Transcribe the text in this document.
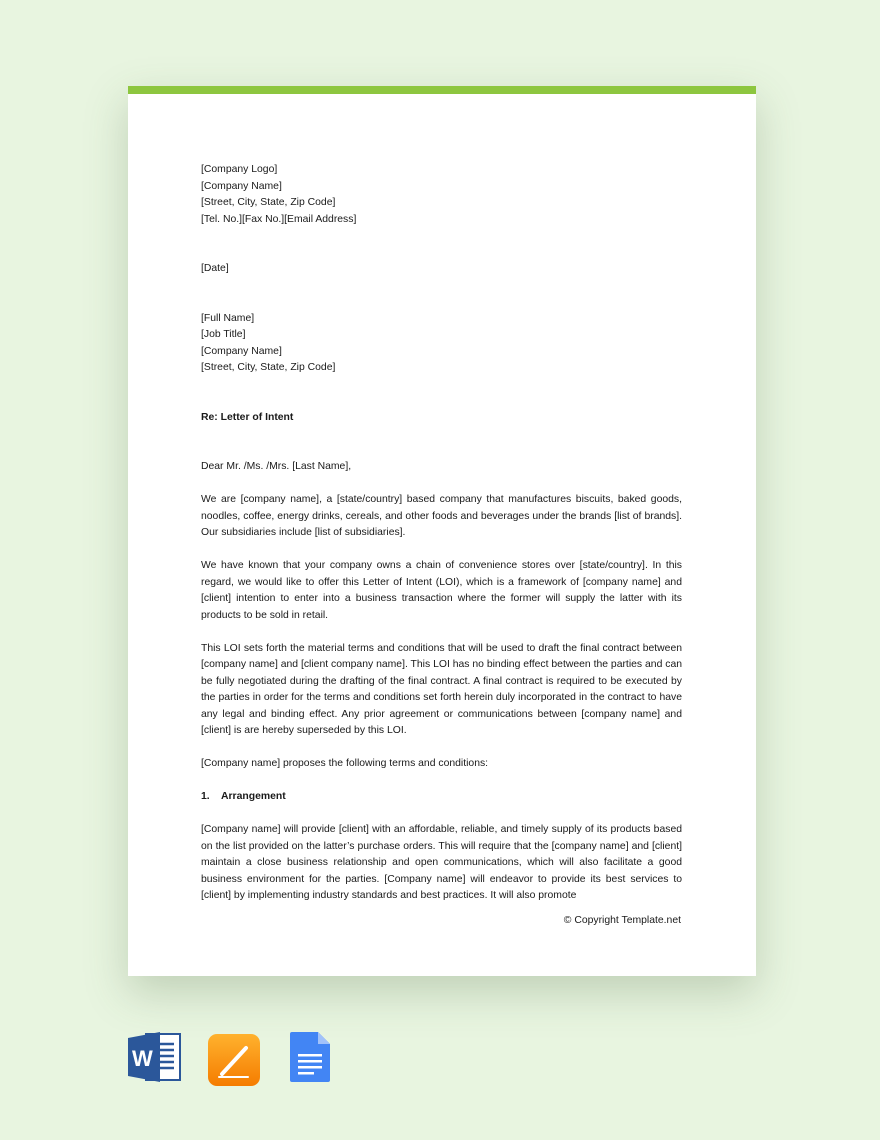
[Company Logo]
[Company Name]
[Street, City, State, Zip Code]
[Tel. No.][Fax No.][Email Address]
[Date]
[Full Name]
[Job Title]
[Company Name]
[Street, City, State, Zip Code]
Re: Letter of Intent
Dear Mr. /Ms. /Mrs. [Last Name],

We are [company name], a [state/country] based company that manufactures biscuits, baked goods, noodles, coffee, energy drinks, cereals, and other foods and beverages under the brands [list of brands]. Our subsidiaries include [list of subsidiaries].

We have known that your company owns a chain of convenience stores over [state/country]. In this regard, we would like to offer this Letter of Intent (LOI), which is a framework of [company name] and [client] intention to enter into a business transaction where the former will supply the latter with its products to be sold in retail.

This LOI sets forth the material terms and conditions that will be used to draft the final contract between [company name] and [client company name]. This LOI has no binding effect between the parties and can be fully negotiated during the drafting of the final contract. A final contract is required to be executed by the parties in order for the terms and conditions set forth herein duly incorporated in the contract to have any legal and binding effect. Any prior agreement or communications between [company name] and [client] is are hereby superseded by this LOI.

[Company name] proposes the following terms and conditions:

1. Arrangement

[Company name] will provide [client] with an affordable, reliable, and timely supply of its products based on the list provided on the latter’s purchase orders. This will require that the [company name] and [client] maintain a close business relationship and open communications, which will also facilitate a good business environment for the parties. [Company name] will endeavor to provide its best services to [client] by implementing industry standards and best practices. It will also promote

© Copyright Template.net
W
